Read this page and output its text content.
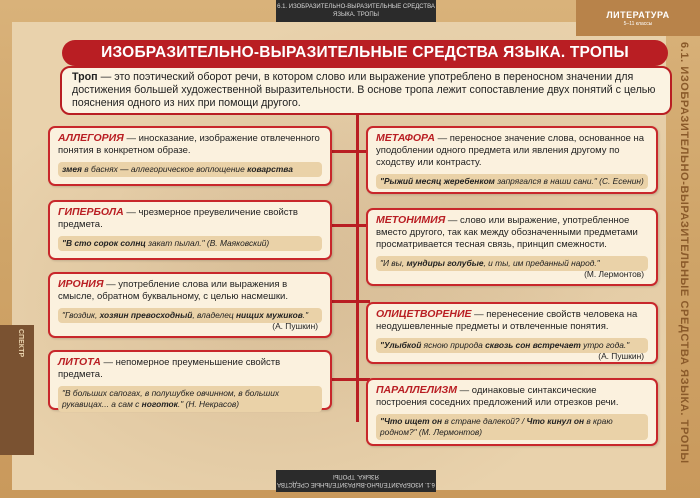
6.1. ИЗОБРАЗИТЕЛЬНО-ВЫРАЗИТЕЛЬНЫЕ СРЕДСТВА ЯЗЫКА. ТРОПЫ	ЛИТЕРАТУРА
5–11 классы
6.1. ИЗОБРАЗИТЕЛЬНО-ВЫРАЗИТЕЛЬНЫЕ СРЕДСТВА ЯЗЫКА. ТРОПЫ
СПЕКТР
6.1. ИЗОБРАЗИТЕЛЬНО-ВЫРАЗИТЕЛЬНЫЕ СРЕДСТВА ЯЗЫКА. ТРОПЫ
ИЗОБРАЗИТЕЛЬНО-ВЫРАЗИТЕЛЬНЫЕ СРЕДСТВА ЯЗЫКА. ТРОПЫ
Троп — это поэтический оборот речи, в котором слово или выражение употреблено в переносном значении для достижения большей художественной выразительности. В основе тропа лежит сопоставление двух понятий с целью пояснения одного из них при помощи другого.
АЛЛЕГОРИЯ — иносказание, изображение отвлеченного понятия в конкретном образе.
змея в баснях — аллегорическое воплощение коварства
ГИПЕРБОЛА — чрезмерное преувеличение свойств предмета.
"В сто сорок солнц закат пылал." (В. Маяковский)
ИРОНИЯ — употребление слова или выражения в смысле, обратном буквальному, с целью насмешки.
"Гвоздик, хозяин превосходный, владелец нищих мужиков."
(А. Пушкин)
ЛИТОТА — непомерное преуменьшение свойств предмета.
"В больших сапогах, в полушубке овчинном, в больших рукавицах... а сам с ноготок." (Н. Некрасов)
МЕТАФОРА — переносное значение слова, основанное на уподоблении одного предмета или явления другому по сходству или контрасту.
"Рыжий месяц жеребенком запрягался в наши сани." (С. Есенин)
МЕТОНИМИЯ — слово или выражение, употребленное вместо другого, так как между обозначенными предметами просматривается тесная связь, принцип смежности.
"И вы, мундиры голубые, и ты, им преданный народ."
(М. Лермонтов)
ОЛИЦЕТВОРЕНИЕ — перенесение свойств человека на неодушевленные предметы и отвлеченные понятия.
"Улыбкой ясною природа сквозь сон встречает утро года."
(А. Пушкин)
ПАРАЛЛЕЛИЗМ — одинаковые синтаксические построения соседних предложений или отрезков речи.
"Что ищет он в стране далекой? / Что кинул он в краю родном?" (М. Лермонтов)
